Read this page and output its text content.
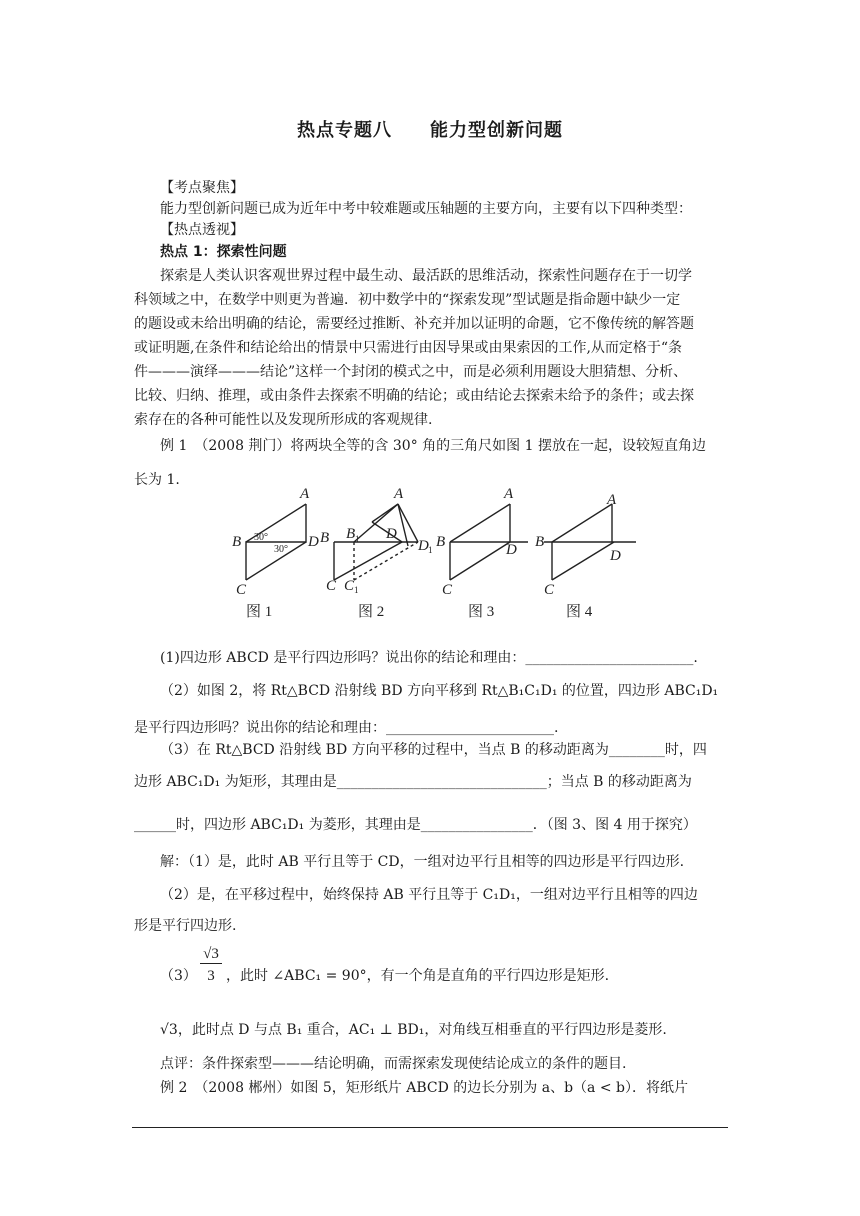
热点专题八　　能力型创新问题
【考点聚焦】
能力型创新问题已成为近年中考中较难题或压轴题的主要方向，主要有以下四种类型：
【热点透视】
热点 1：探索性问题
探索是人类认识客观世界过程中最生动、最活跃的思维活动，探索性问题存在于一切学
科领域之中，在数学中则更为普遍．初中数学中的“探索发现”型试题是指命题中缺少一定
的题设或未给出明确的结论，需要经过推断、补充并加以证明的命题，它不像传统的解答题
或证明题,在条件和结论给出的情景中只需进行由因导果或由果索因的工作,从而定格于“条
件———演绎———结论”这样一个封闭的模式之中，而是必须利用题设大胆猜想、分析、
比较、归纳、推理，或由条件去探索不明确的结论；或由结论去探索未给予的条件；或去探
索存在的各种可能性以及发现所形成的客观规律.
例 1　（2008 荆门）将两块全等的含 30° 角的三角尺如图 1 摆放在一起，设较短直角边
长为 1.
A
B	D
C
A
B B 1 D
D 1
C C 1
A
B	D
C
A
B
D
C
30°
30°
图 1	图 2	图 3	图 4
(1)四边形 ABCD 是平行四边形吗？说出你的结论和理由：________________________.
（2）如图 2，将 Rt△BCD 沿射线 BD 方向平移到 Rt△B₁C₁D₁ 的位置，四边形 ABC₁D₁
是平行四边形吗？说出你的结论和理由：________________________.
（3）在 Rt△BCD 沿射线 BD 方向平移的过程中，当点 B 的移动距离为________时，四
边形 ABC₁D₁ 为矩形，其理由是______________________________；当点 B 的移动距离为
______时，四边形 ABC₁D₁ 为菱形，其理由是________________．（图 3、图 4 用于探究）
解：（1）是，此时 AB 平行且等于 CD，一组对边平行且相等的四边形是平行四边形.
（2）是，在平移过程中，始终保持 AB 平行且等于 C₁D₁，一组对边平行且相等的四边
形是平行四边形.
（3）
√3
3 ，此时 ∠ABC₁ = 90°，有一个角是直角的平行四边形是矩形.
√3，此时点 D 与点 B₁ 重合，AC₁ ⊥ BD₁，对角线互相垂直的平行四边形是菱形.
点评：条件探索型———结论明确，而需探索发现使结论成立的条件的题目.
例 2　（2008 郴州）如图 5，矩形纸片 ABCD 的边长分别为 a、b（a < b）．将纸片
